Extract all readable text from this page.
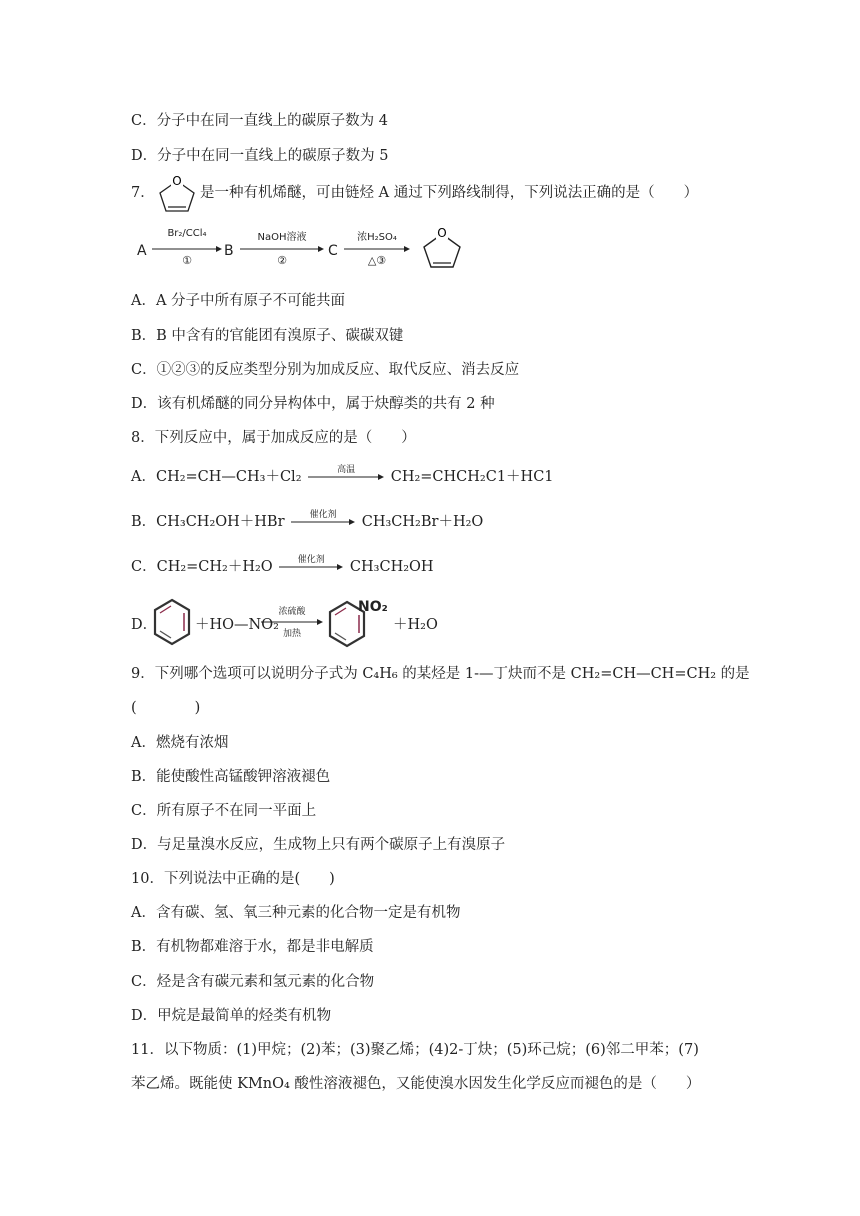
C．分子中在同一直线上的碳原子数为 4
D．分子中在同一直线上的碳原子数为 5
7．
O
是一种有机烯醚，可由链烃 A 通过下列路线制得，下列说法正确的是（　　）
A
Br₂/CCl₄
①
B
NaOH溶液
②
C
浓H₂SO₄
△③
O
A．A 分子中所有原子不可能共面
B．B 中含有的官能团有溴原子、碳碳双键
C．①②③的反应类型分别为加成反应、取代反应、消去反应
D．该有机烯醚的同分异构体中，属于炔醇类的共有 2 种
8．下列反应中，属于加成反应的是（　　）
A．CH₂=CH—CH₃＋Cl₂	高温	CH₂=CHCH₂C1＋HC1
B．CH₃CH₂OH＋HBr	催化剂	CH₃CH₂Br＋H₂O
C．CH₂=CH₂＋H₂O	催化剂	CH₃CH₂OH
D．	＋HO—NO₂
浓硫酸
加热
NO₂
＋H₂O
9．下列哪个选项可以说明分子式为 C₄H₆ 的某烃是 1-—丁炔而不是 CH₂=CH—CH=CH₂ 的是
(　　　　)
A．燃烧有浓烟
B．能使酸性高锰酸钾溶液褪色
C．所有原子不在同一平面上
D．与足量溴水反应，生成物上只有两个碳原子上有溴原子
10．下列说法中正确的是(　　)
A．含有碳、氢、氧三种元素的化合物一定是有机物
B．有机物都难溶于水，都是非电解质
C．烃是含有碳元素和氢元素的化合物
D．甲烷是最简单的烃类有机物
11．以下物质：(1)甲烷；(2)苯；(3)聚乙烯；(4)2-丁炔；(5)环己烷；(6)邻二甲苯；(7)
苯乙烯。既能使 KMnO₄ 酸性溶液褪色，又能使溴水因发生化学反应而褪色的是（　　）
